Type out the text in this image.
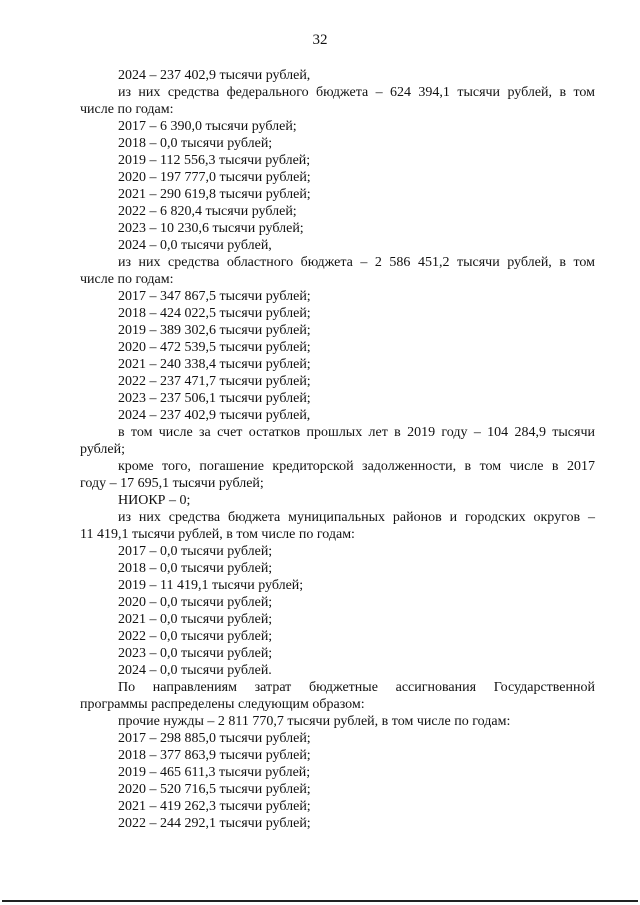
32
2024 – 237 402,9 тысячи рублей,
из них средства федерального бюджета – 624 394,1 тысячи рублей, в том
числе по годам:
2017 – 6 390,0 тысячи рублей;
2018 – 0,0 тысячи рублей;
2019 – 112 556,3 тысячи рублей;
2020 – 197 777,0 тысячи рублей;
2021 – 290 619,8 тысячи рублей;
2022 – 6 820,4 тысячи рублей;
2023 – 10 230,6 тысячи рублей;
2024 – 0,0 тысячи рублей,
из них средства областного бюджета – 2 586 451,2 тысячи рублей, в том
числе по годам:
2017 – 347 867,5 тысячи рублей;
2018 – 424 022,5 тысячи рублей;
2019 – 389 302,6 тысячи рублей;
2020 – 472 539,5 тысячи рублей;
2021 – 240 338,4 тысячи рублей;
2022 – 237 471,7 тысячи рублей;
2023 – 237 506,1 тысячи рублей;
2024 – 237 402,9 тысячи рублей,
в том числе за счет остатков прошлых лет в 2019 году – 104 284,9 тысячи
рублей;
кроме того, погашение кредиторской задолженности, в том числе в 2017
году – 17 695,1 тысячи рублей;
НИОКР – 0;
из них средства бюджета муниципальных районов и городских округов –
11 419,1 тысячи рублей, в том числе по годам:
2017 – 0,0 тысячи рублей;
2018 – 0,0 тысячи рублей;
2019 – 11 419,1 тысячи рублей;
2020 – 0,0 тысячи рублей;
2021 – 0,0 тысячи рублей;
2022 – 0,0 тысячи рублей;
2023 – 0,0 тысячи рублей;
2024 – 0,0 тысячи рублей.
По направлениям затрат бюджетные ассигнования Государственной
программы распределены следующим образом:
прочие нужды – 2 811 770,7 тысячи рублей, в том числе по годам:
2017 – 298 885,0 тысячи рублей;
2018 – 377 863,9 тысячи рублей;
2019 – 465 611,3 тысячи рублей;
2020 – 520 716,5 тысячи рублей;
2021 – 419 262,3 тысячи рублей;
2022 – 244 292,1 тысячи рублей;
